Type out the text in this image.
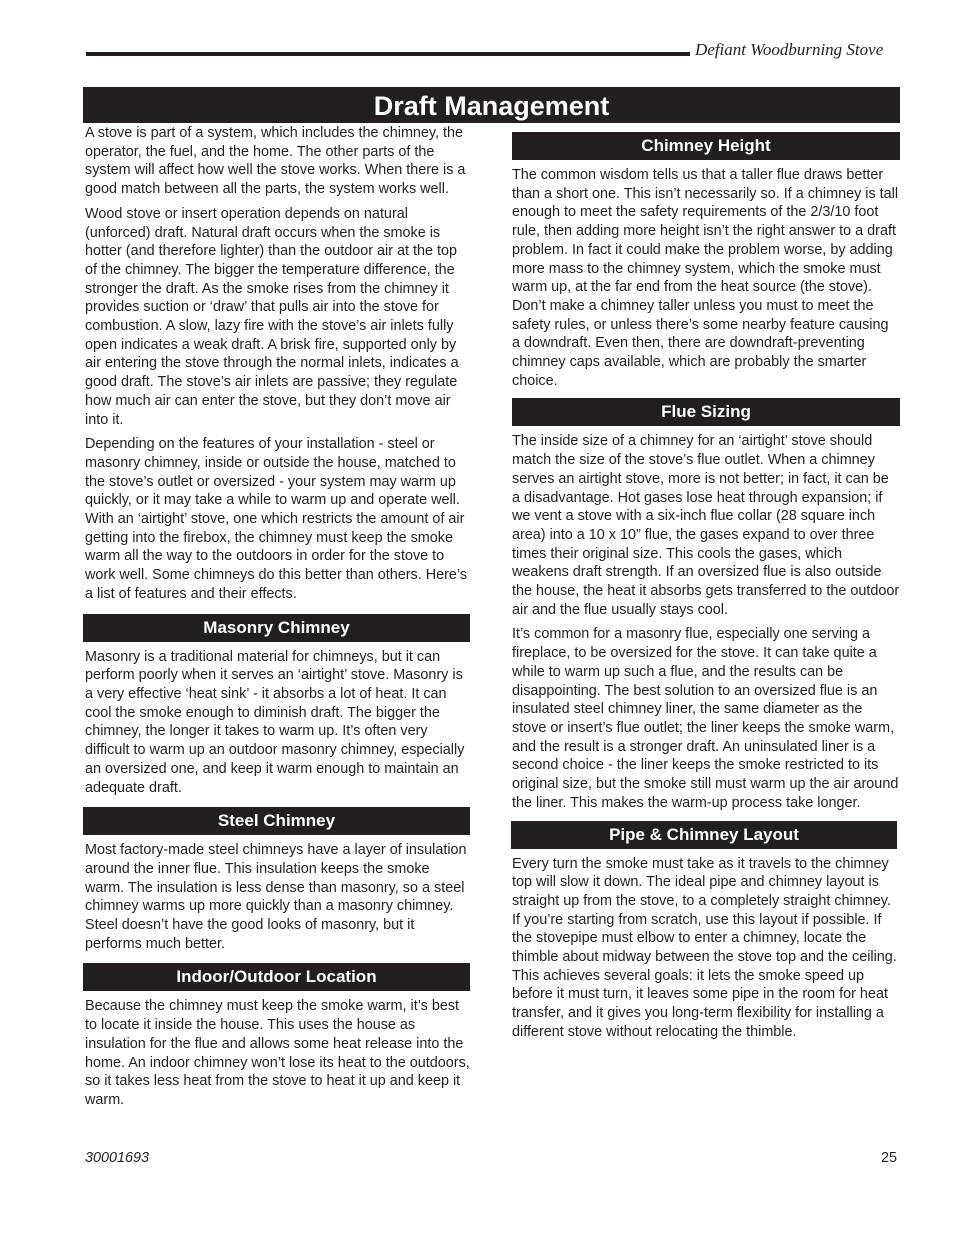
Defiant Woodburning Stove
Draft Management

A stove is part of a system, which includes the chimney, the operator, the fuel, and the home. The other parts of the system will affect how well the stove works. When there is a good match between all the parts, the system works well.

Wood stove or insert operation depends on natural (unforced) draft. Natural draft occurs when the smoke is hotter (and therefore lighter) than the outdoor air at the top of the chimney. The bigger the temperature difference, the stronger the draft. As the smoke rises from the chimney it provides suction or ‘draw’ that pulls air into the stove for combustion. A slow, lazy fire with the stove’s air inlets fully open indicates a weak draft. A brisk fire, supported only by air entering the stove through the normal inlets, indicates a good draft. The stove’s air inlets are passive; they regulate how much air can enter the stove, but they don’t move air into it.

Depending on the features of your installation - steel or masonry chimney, inside or outside the house, matched to the stove’s outlet or oversized - your system may warm up quickly, or it may take a while to warm up and operate well. With an ‘airtight’ stove, one which restricts the amount of air getting into the firebox, the chimney must keep the smoke warm all the way to the outdoors in order for the stove to work well. Some chimneys do this better than others. Here’s a list of features and their effects.

Masonry Chimney

Masonry is a traditional material for chimneys, but it can perform poorly when it serves an ‘airtight’ stove. Masonry is a very effective ‘heat sink’ - it absorbs a lot of heat. It can cool the smoke enough to diminish draft. The bigger the chimney, the longer it takes to warm up. It’s often very difficult to warm up an outdoor masonry chimney, especially an oversized one, and keep it warm enough to maintain an adequate draft.

Steel Chimney

Most factory-made steel chimneys have a layer of insulation around the inner flue. This insulation keeps the smoke warm. The insulation is less dense than masonry, so a steel chimney warms up more quickly than a masonry chimney. Steel doesn’t have the good looks of masonry, but it performs much better.

Indoor/Outdoor Location

Because the chimney must keep the smoke warm, it’s best to locate it inside the house. This uses the house as insulation for the flue and allows some heat release into the home. An indoor chimney won’t lose its heat to the outdoors, so it takes less heat from the stove to heat it up and keep it warm.

Chimney Height

The common wisdom tells us that a taller flue draws better than a short one. This isn’t necessarily so. If a chimney is tall enough to meet the safety requirements of the 2/3/10 foot rule, then adding more height isn’t the right answer to a draft problem. In fact it could make the problem worse, by adding more mass to the chimney system, which the smoke must warm up, at the far end from the heat source (the stove). Don’t make a chimney taller unless you must to meet the safety rules, or unless there’s some nearby feature causing a downdraft. Even then, there are downdraft-preventing chimney caps available, which are probably the smarter choice.

Flue Sizing

The inside size of a chimney for an ‘airtight’ stove should match the size of the stove’s flue outlet. When a chimney serves an airtight stove, more is not better; in fact, it can be a disadvantage. Hot gases lose heat through expansion; if we vent a stove with a six-inch flue collar (28 square inch area) into a 10 x 10” flue, the gases expand to over three times their original size. This cools the gases, which weakens draft strength. If an oversized flue is also outside the house, the heat it absorbs gets transferred to the outdoor air and the flue usually stays cool.

It’s common for a masonry flue, especially one serving a fireplace, to be oversized for the stove. It can take quite a while to warm up such a flue, and the results can be disappointing. The best solution to an oversized flue is an insulated steel chimney liner, the same diameter as the stove or insert’s flue outlet; the liner keeps the smoke warm, and the result is a stronger draft. An uninsulated liner is a second choice - the liner keeps the smoke restricted to its original size, but the smoke still must warm up the air around the liner. This makes the warm-up process take longer.

Pipe & Chimney Layout

Every turn the smoke must take as it travels to the chimney top will slow it down. The ideal pipe and chimney layout is straight up from the stove, to a completely straight chimney. If you’re starting from scratch, use this layout if possible. If the stovepipe must elbow to enter a chimney, locate the thimble about midway between the stove top and the ceiling. This achieves several goals: it lets the smoke speed up before it must turn, it leaves some pipe in the room for heat transfer, and it gives you long-term flexibility for installing a different stove without relocating the thimble.

30001693	25
